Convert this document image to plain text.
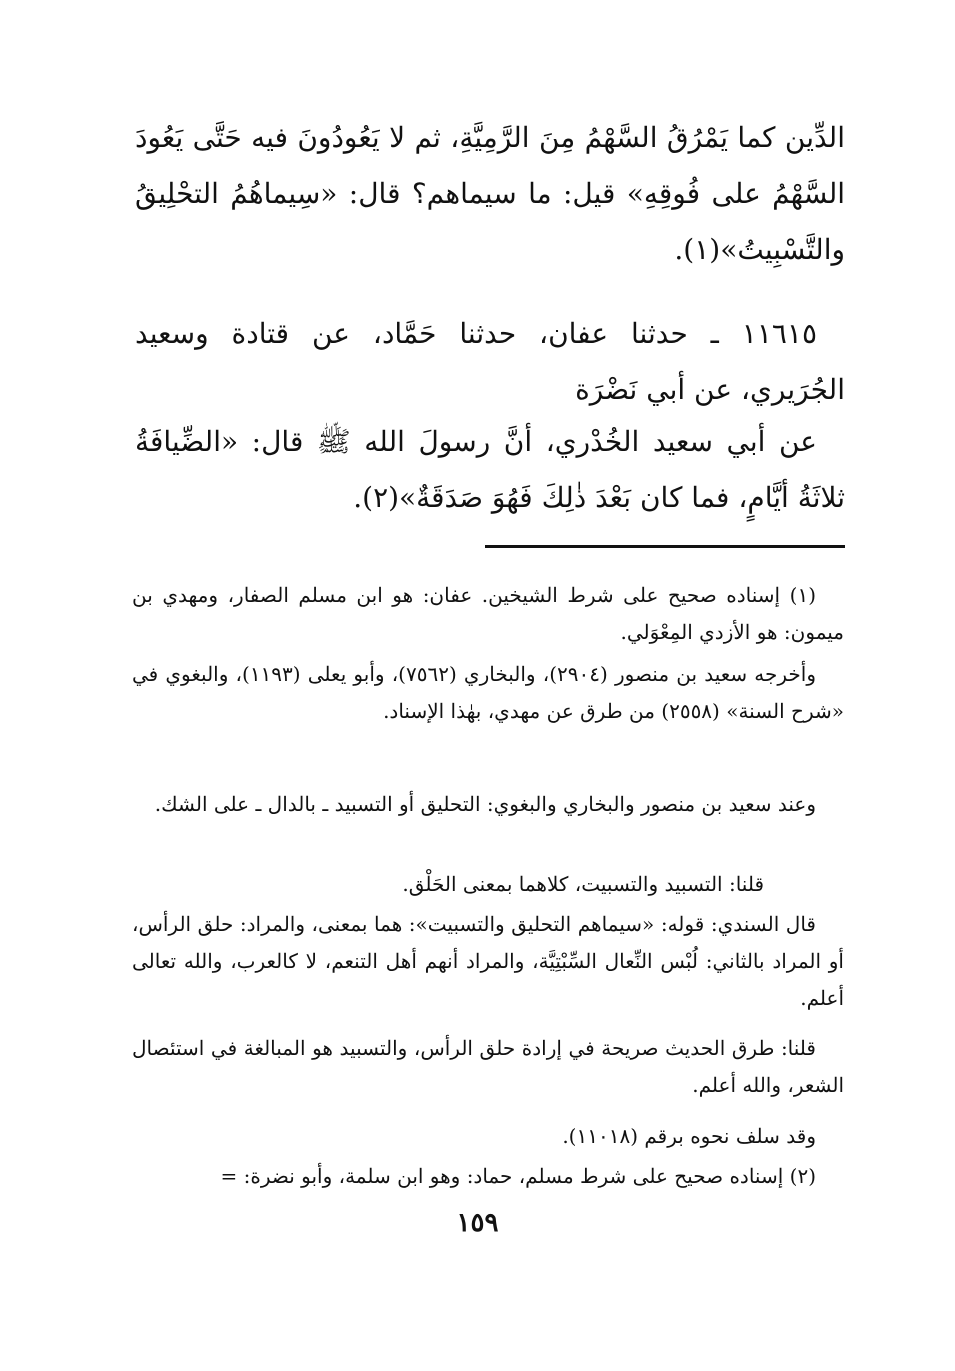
الدِّين كما يَمْرُقُ السَّهْمُ مِنَ الرَّمِيَّةِ، ثم لا يَعُودُونَ فيه حَتَّى يَعُودَ السَّهْمُ على فُوقِهِ» قيل: ما سيماهم؟ قال: «سِيماهُمُ التحْلِيقُ والتَّسْبِيتُ»(١).

١١٦١٥ ـ حدثنا عفان، حدثنا حَمَّاد، عن قتادة وسعيد الجُرَيري، عن أبي نَضْرَة

عن أبي سعيد الخُدْري، أنَّ رسولَ الله ﷺ قال: «الضِّيافَةُ ثلاثَةُ أيَّامٍ، فما كان بَعْدَ ذٰلِكَ فَهُوَ صَدَقَةٌ»(٢).

(١) إسناده صحيح على شرط الشيخين. عفان: هو ابن مسلم الصفار، ومهدي بن ميمون: هو الأزدي المِعْوَلي.

وأخرجه سعيد بن منصور (٢٩٠٤)، والبخاري (٧٥٦٢)، وأبو يعلى (١١٩٣)، والبغوي في «شرح السنة» (٢٥٥٨) من طرق عن مهدي، بهٰذا الإسناد.

وعند سعيد بن منصور والبخاري والبغوي: التحليق أو التسبيد ـ بالدال ـ على الشك.

قلنا: التسبيد والتسبيت، كلاهما بمعنى الحَلْق.

قال السندي: قوله: «سيماهم التحليق والتسبيت»: هما بمعنى، والمراد: حلق الرأس، أو المراد بالثاني: لُبْس النِّعال السِّبْتِيَّة، والمراد أنهم أهل التنعم، لا كالعرب، والله تعالى أعلم.

قلنا: طرق الحديث صريحة في إرادة حلق الرأس، والتسبيد هو المبالغة في استئصال الشعر، والله أعلم.

وقد سلف نحوه برقم (١١٠١٨).

(٢) إسناده صحيح على شرط مسلم، حماد: وهو ابن سلمة، وأبو نضرة: =

١٥٩
